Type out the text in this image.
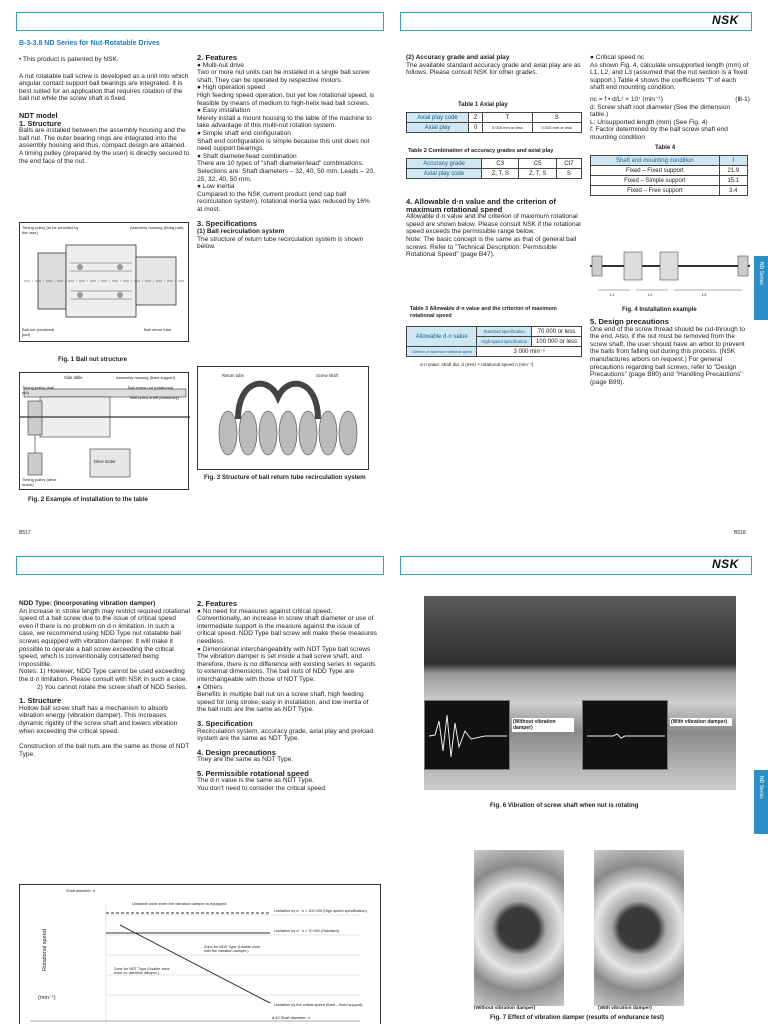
B-3-3.8 ND Series for Nut-Rotatable Drives

• This product is patented by NSK.

A nut rotatable ball screw is developed as a unit into which angular contact support ball bearings are integrated. It is best suited for an application that requires rotation of the ball nut while the screw shaft is fixed.

NDT model

1. Structure

Balls are installed between the assembly housing and the ball nut. The outer bearing rings are integrated into the assembly housing and thus, compact design are attained. A timing pulley (prepared by the user) is directly secured to the end face of the nut.

Timing pulley (to be provided by the user)
Assembly housing (fixing part)
Ball nut (rotational part)
Ball return tube
Fig. 1 Ball nut structure
Side table	Assembly housing (fixed support)
Timing pulley (ball nut)
Ball screw nut (rotational)
Ball screw shaft (stationary)
Drive motor
Timing pulley (drive motor)
Fig. 2 Example of installation to the table
B517

2. Features

● Multi-nut drive

Two or more nut units can be installed in a single ball screw shaft. They can be operated by respective motors.

● High operation speed

High feeding speed operation, but yet low rotational speed, is feasible by means of medium to high-helix lead ball screws.

● Easy installation

Merely install a mount housing to the table of the machine to take advantage of this multi-nut rotation system.

● Simple shaft end configuration

Shaft end configuration is simple because this unit does not need support bearings.

● Shaft diameter/lead combination

There are 10 types of "shaft diameter/lead" combinations. Selections are: Shaft diameters – 32, 40, 50 mm; Leads – 20, 25, 32, 40, 50 mm.

● Low inertia

Compared to the NSK current product (end cap ball recirculation system), rotational inertia was reduced by 16% at most.

3. Specifications

(1) Ball recirculation system

The structure of return tube recirculation system is shown below.

Return tube	Screw shaft
Fig. 3 Structure of ball return tube recirculation system
NSK

(2) Accuracy grade and axial play

The available standard accuracy grade and axial play are as follows. Please consult NSK for other grades.

Table 1 Axial play
Axial play code	Z	T	S
Axial play	0	0.005 mm or less	0.020 mm or less
Table 2 Combination of accuracy grades and axial play
Accuracy grade	C3	C5	Ct7
Axial play code	Z, T, S	Z, T, S	S

4. Allowable d·n value and the criterion of maximum rotational speed

Allowable d·n value and the criterion of maximum rotational speed are shown below. Please consult NSK if the rotational speed exceeds the permissible range below.

Note: The basic concept is the same as that of general ball screws. Refer to "Technical Description: Permissible Rotational Speed" (page B47).

Table 3 Allowable d·n value and the criterion of maximum rotational speed
Allowable d·n value	Standard specification	70 000 or less
	High-speed specification	100 000 or less
Criterion of maximum rotational speed	3 000 min⁻¹	
d·n value: shaft dia. d (mm) × rotational speed n (min⁻¹)

● Critical speed nc

As shown Fig. 4, calculate unsupported length (mm) of L1, L2, and L3 (assumed that the nut section is a fixed support.) Table 4 shows the coefficients "f" of each shaft end mounting condition.

nc = f • d/L² × 10⁷ (min⁻¹)	(Ⅲ-1)

d: Screw shaft root diameter (See the dimension table.)

L: Unsupported length (mm) (See Fig. 4)

f: Factor determined by the ball screw shaft end mounting condition

Table 4
Shaft end mounting condition	f
Fixed – Fixed support	21.9
Fixed – Simple support	15.1
Fixed – Free support	3.4
L1	L2	L3
Fig. 4 Installation example

5. Design precautions

One end of the screw thread should be cut-through to the end. Also, if the nut must be removed from the screw shaft, the user should have an arbor to prevent the balls from falling out during this process. (NSK manufactures arbors on request.) For general precautions regarding ball screws, refer to "Design Precautions" (page B80) and "Handling Precautions" (page B99).

B518
ND Series

NDD Type: (Incorporating vibration damper)

An increase in stroke length may restrict required rotational speed of a ball screw due to the issue of critical speed even if there is no problem on d·n limitation. In such a case, we recommend using NDD Type nut rotatable ball screws equipped with vibration damper. It will make it possible to operate a ball screw exceeding the critical speed, which is conventionally considered being impossible.

Notes: 1) However, NDD Type cannot be used exceeding the d·n limitation. Please consult with NSK in such a case.

2) You cannot rotate the screw shaft of NDD Series.

1. Structure

Hollow ball screw shaft has a mechanism to absorb vibration energy (vibration damper). This increases dynamic rigidity of the screw shaft and lowers vibration when exceeding the critical speed.

Construction of the ball nuts are the same as those of NDT Type.

2. Features

● No need for measures against critical speed.

Conventionally, an increase in screw shaft diameter or use of intermediate support is the measure against the issue of critical speed. NDD Type ball screw will make these measures needless.

● Dimensional interchangeability with NDT Type ball screws

The vibration damper is set inside a ball screw shaft, and therefore, there is no difference with existing series in regards to external dimensions. The ball nuts of NDD Type are interchangeable with those of NDT Type.

● Others

Benefits in multiple ball nut on a screw shaft, high feeding speed for long stroke, easy in installation, and low inertia of the ball nuts are the same as NDT Type.

3. Specification

Recirculation system, accuracy grade, axial play and preload system are the same as NDT Type.

4. Design precautions

They are the same as NDT Type.

5. Permissible rotational speed

The d·n value is the same as NDT Type.

You don't need to consider the critical speed.

Shaft diameter: d
Rotational speed
(min⁻¹)
Unstable zone even the vibration damper is equipped
Limitation by d · n = 100 000 (High speed specification)
Limitation by d · n = 70 000 (Standard)
Zone for NDD Type (Usable zone with the vibration damper.)
Zone for NDT Type (Usable zone even no vibration damper.)
Limitation by the critical speed (fixed – fixed support)
ø 40 Shaft diameter: d
NSK
(Without vibration damper)
(With vibration damper)
Fig. 6 Vibration of screw shaft when nut is rotating
(Without vibration damper)	(With vibration damper)
Fig. 7 Effect of vibration damper (results of endurance test)
ND Series
